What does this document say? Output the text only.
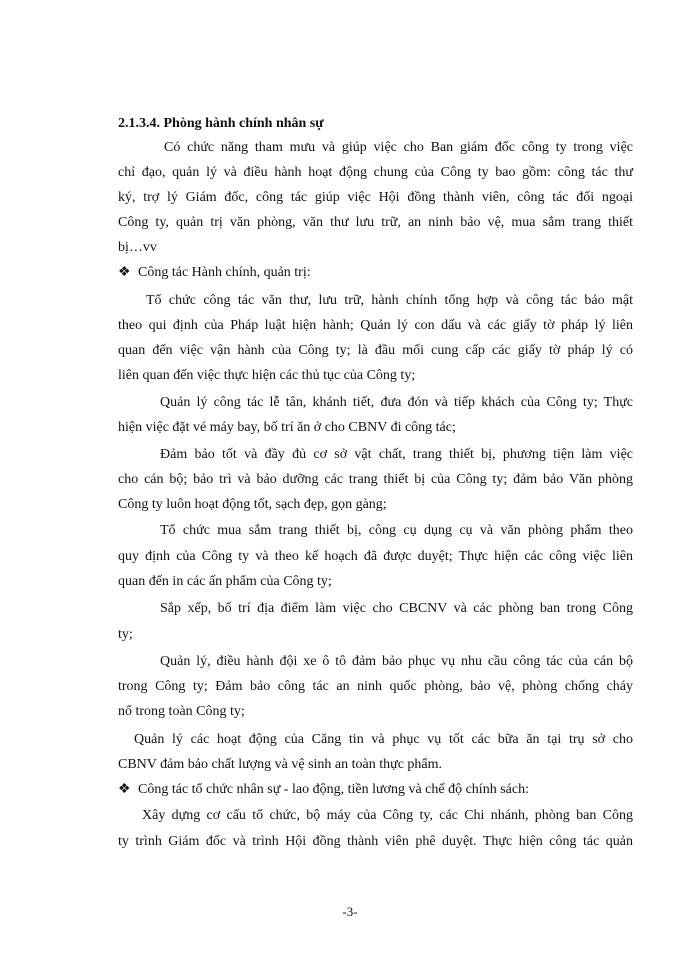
2.1.3.4. Phòng hành chính nhân sự
Có chức năng tham mưu và giúp việc cho Ban giám đốc công ty trong việc
chỉ đạo, quản lý và điều hành hoạt động chung của Công ty bao gồm: công tác thư
ký, trợ lý Giám đốc, công tác giúp việc Hội đồng thành viên, công tác đối ngoại
Công ty, quản trị văn phòng, văn thư lưu trữ, an ninh bảo vệ, mua sắm trang thiết
bị…vv
❖ Công tác Hành chính, quản trị:
Tổ chức công tác văn thư, lưu trữ, hành chính tổng hợp và công tác bảo mật
theo qui định của Pháp luật hiện hành; Quản lý con dấu và các giấy tờ pháp lý liên
quan đến việc vận hành của Công ty; là đầu mối cung cấp các giấy tờ pháp lý có
liên quan đến việc thực hiện các thủ tục của Công ty;
Quản lý công tác lễ tân, khánh tiết, đưa đón và tiếp khách của Công ty; Thực
hiện việc đặt vé máy bay, bố trí ăn ở cho CBNV đi công tác;
Đảm bảo tốt và đầy đủ cơ sở vật chất, trang thiết bị, phương tiện làm việc
cho cán bộ; bảo trì và bảo dưỡng các trang thiết bị của Công ty; đảm bảo Văn phòng
Công ty luôn hoạt động tốt, sạch đẹp, gọn gàng;
Tổ chức mua sắm trang thiết bị, công cụ dụng cụ và văn phòng phẩm theo
quy định của Công ty và theo kế hoạch đã được duyệt; Thực hiện các công việc liên
quan đến in các ấn phẩm của Công ty;
Sắp xếp, bố trí địa điểm làm việc cho CBCNV và các phòng ban trong Công
ty;
Quản lý, điều hành đội xe ô tô đảm bảo phục vụ nhu cầu công tác của cán bộ
trong Công ty; Đảm bảo công tác an ninh quốc phòng, bảo vệ, phòng chống cháy
nổ trong toàn Công ty;
Quản lý các hoạt động của Căng tin và phục vụ tốt các bữa ăn tại trụ sở cho
CBNV đảm bảo chất lượng và vệ sinh an toàn thực phẩm.
❖ Công tác tổ chức nhân sự - lao động, tiền lương và chế độ chính sách:
Xây dựng cơ cấu tổ chức, bộ máy của Công ty, các Chi nhánh, phòng ban Công
ty trình Giám đốc và trình Hội đồng thành viên phê duyệt. Thực hiện công tác quản
-3-
